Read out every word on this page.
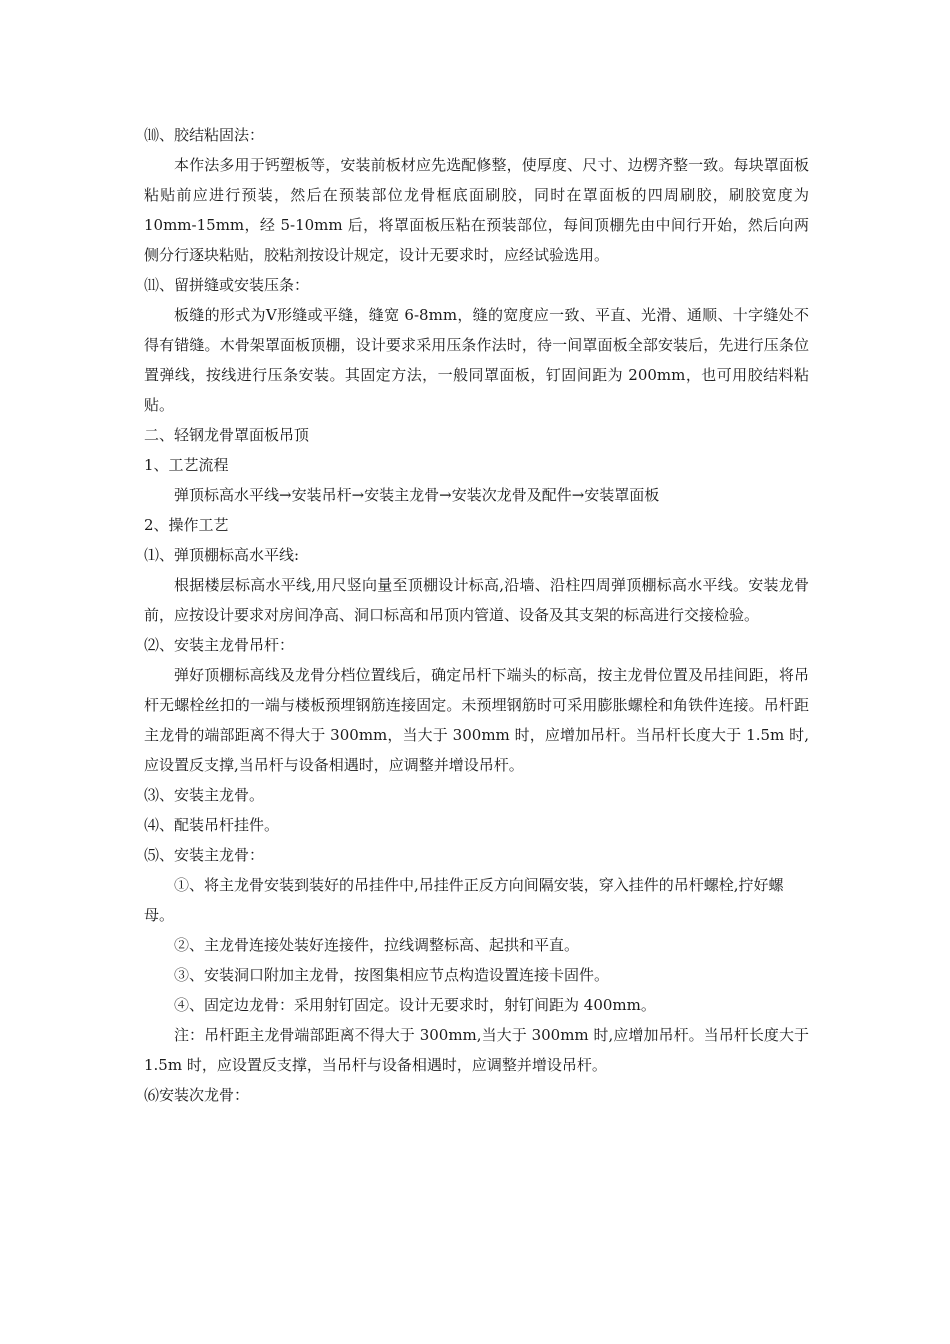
⑽、胶结粘固法：

本作法多用于钙塑板等，安装前板材应先选配修整，使厚度、尺寸、边楞齐整一致。每块罩面板粘贴前应进行预装，然后在预装部位龙骨框底面刷胶，同时在罩面板的四周刷胶，刷胶宽度为 10mm-15mm，经 5-10mm 后，将罩面板压粘在预装部位，每间顶棚先由中间行开始，然后向两侧分行逐块粘贴，胶粘剂按设计规定，设计无要求时，应经试验选用。

⑾、留拼缝或安装压条：

板缝的形式为Ⅴ形缝或平缝，缝宽 6-8mm，缝的宽度应一致、平直、光滑、通顺、十字缝处不得有错缝。木骨架罩面板顶棚，设计要求采用压条作法时，待一间罩面板全部安装后，先进行压条位置弹线，按线进行压条安装。其固定方法，一般同罩面板，钉固间距为 200mm，也可用胶结料粘贴。

二、轻钢龙骨罩面板吊顶

1、工艺流程

弹顶标高水平线→安装吊杆→安装主龙骨→安装次龙骨及配件→安装罩面板

2、操作工艺

⑴、弹顶棚标高水平线:

根据楼层标高水平线,用尺竖向量至顶棚设计标高,沿墙、沿柱四周弹顶棚标高水平线。安装龙骨前，应按设计要求对房间净高、洞口标高和吊顶内管道、设备及其支架的标高进行交接检验。

⑵、安装主龙骨吊杆：

弹好顶棚标高线及龙骨分档位置线后，确定吊杆下端头的标高，按主龙骨位置及吊挂间距，将吊杆无螺栓丝扣的一端与楼板预埋钢筋连接固定。未预埋钢筋时可采用膨胀螺栓和角铁件连接。吊杆距主龙骨的端部距离不得大于 300mm，当大于 300mm 时，应增加吊杆。当吊杆长度大于 1.5m 时,应设置反支撑,当吊杆与设备相遇时，应调整并增设吊杆。

⑶、安装主龙骨。

⑷、配装吊杆挂件。

⑸、安装主龙骨：

①、将主龙骨安装到装好的吊挂件中,吊挂件正反方向间隔安装，穿入挂件的吊杆螺栓,拧好螺母。

②、主龙骨连接处装好连接件，拉线调整标高、起拱和平直。

③、安装洞口附加主龙骨，按图集相应节点构造设置连接卡固件。

④、固定边龙骨：采用射钉固定。设计无要求时，射钉间距为 400mm。

注：吊杆距主龙骨端部距离不得大于 300mm,当大于 300mm 时,应增加吊杆。当吊杆长度大于 1.5m 时，应设置反支撑，当吊杆与设备相遇时，应调整并增设吊杆。

⑹安装次龙骨：
